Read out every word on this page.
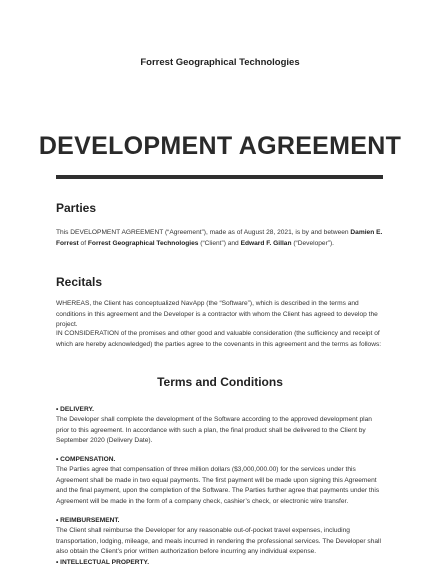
Forrest Geographical Technologies
DEVELOPMENT AGREEMENT
Parties
This DEVELOPMENT AGREEMENT (“Agreement”), made as of August 28, 2021, is by and between Damien E. Forrest of Forrest Geographical Technologies (“Client”) and Edward F. Gillan (“Developer”).
Recitals
WHEREAS, the Client has conceptualized NavApp (the “Software”), which is described in the terms and conditions in this agreement and the Developer is a contractor with whom the Client has agreed to develop the project.
IN CONSIDERATION of the promises and other good and valuable consideration (the sufficiency and receipt of which are hereby acknowledged) the parties agree to the covenants in this agreement and the terms as follows:
Terms and Conditions
• DELIVERY.
The Developer shall complete the development of the Software according to the approved development plan prior to this agreement. In accordance with such a plan, the final product shall be delivered to the Client by September 2020 (Delivery Date).
• COMPENSATION.
The Parties agree that compensation of three million dollars ($3,000,000.00) for the services under this Agreement shall be made in two equal payments. The first payment will be made upon signing this Agreement and the final payment, upon the completion of the Software. The Parties further agree that payments under this Agreement will be made in the form of a company check, cashier’s check, or electronic wire transfer.
• REIMBURSEMENT.
The Client shall reimburse the Developer for any reasonable out-of-pocket travel expenses, including transportation, lodging, mileage, and meals incurred in rendering the professional services. The Developer shall also obtain the Client’s prior written authorization before incurring any individual expense.
• INTELLECTUAL PROPERTY.
